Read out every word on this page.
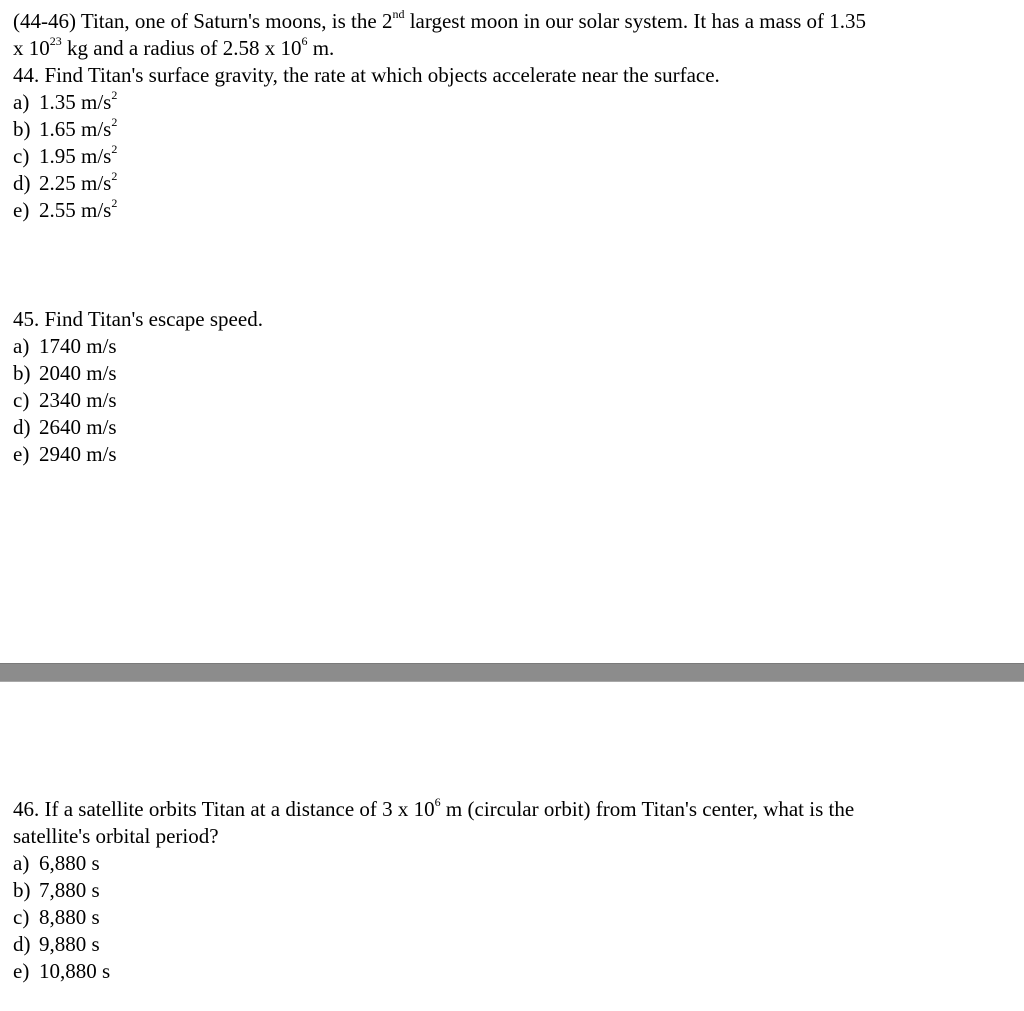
(44-46) Titan, one of Saturn's moons, is the 2nd largest moon in our solar system. It has a mass of 1.35
x $10^{23}$ kg and a radius of 2.58 x $10^6$ m.
44. Find Titan's surface gravity, the rate at which objects accelerate near the surface.
a) 1.35 $m/s^2$
b) 1.65 $m/s^2$
c) 1.95 $m/s^2$
d) 2.25 $m/s^2$
e) 2.55 $m/s^2$
45. Find Titan's escape speed.
a) 1740 m/s
b) 2040 m/s
c) 2340 m/s
d) 2640 m/s
e) 2940 m/s
46. If a satellite orbits Titan at a distance of 3 x $10^6$ m (circular orbit) from Titan's center, what is the
satellite's orbital period?
a) 6,880 s
b) 7,880 s
c) 8,880 s
d) 9,880 s
e) 10,880 s
